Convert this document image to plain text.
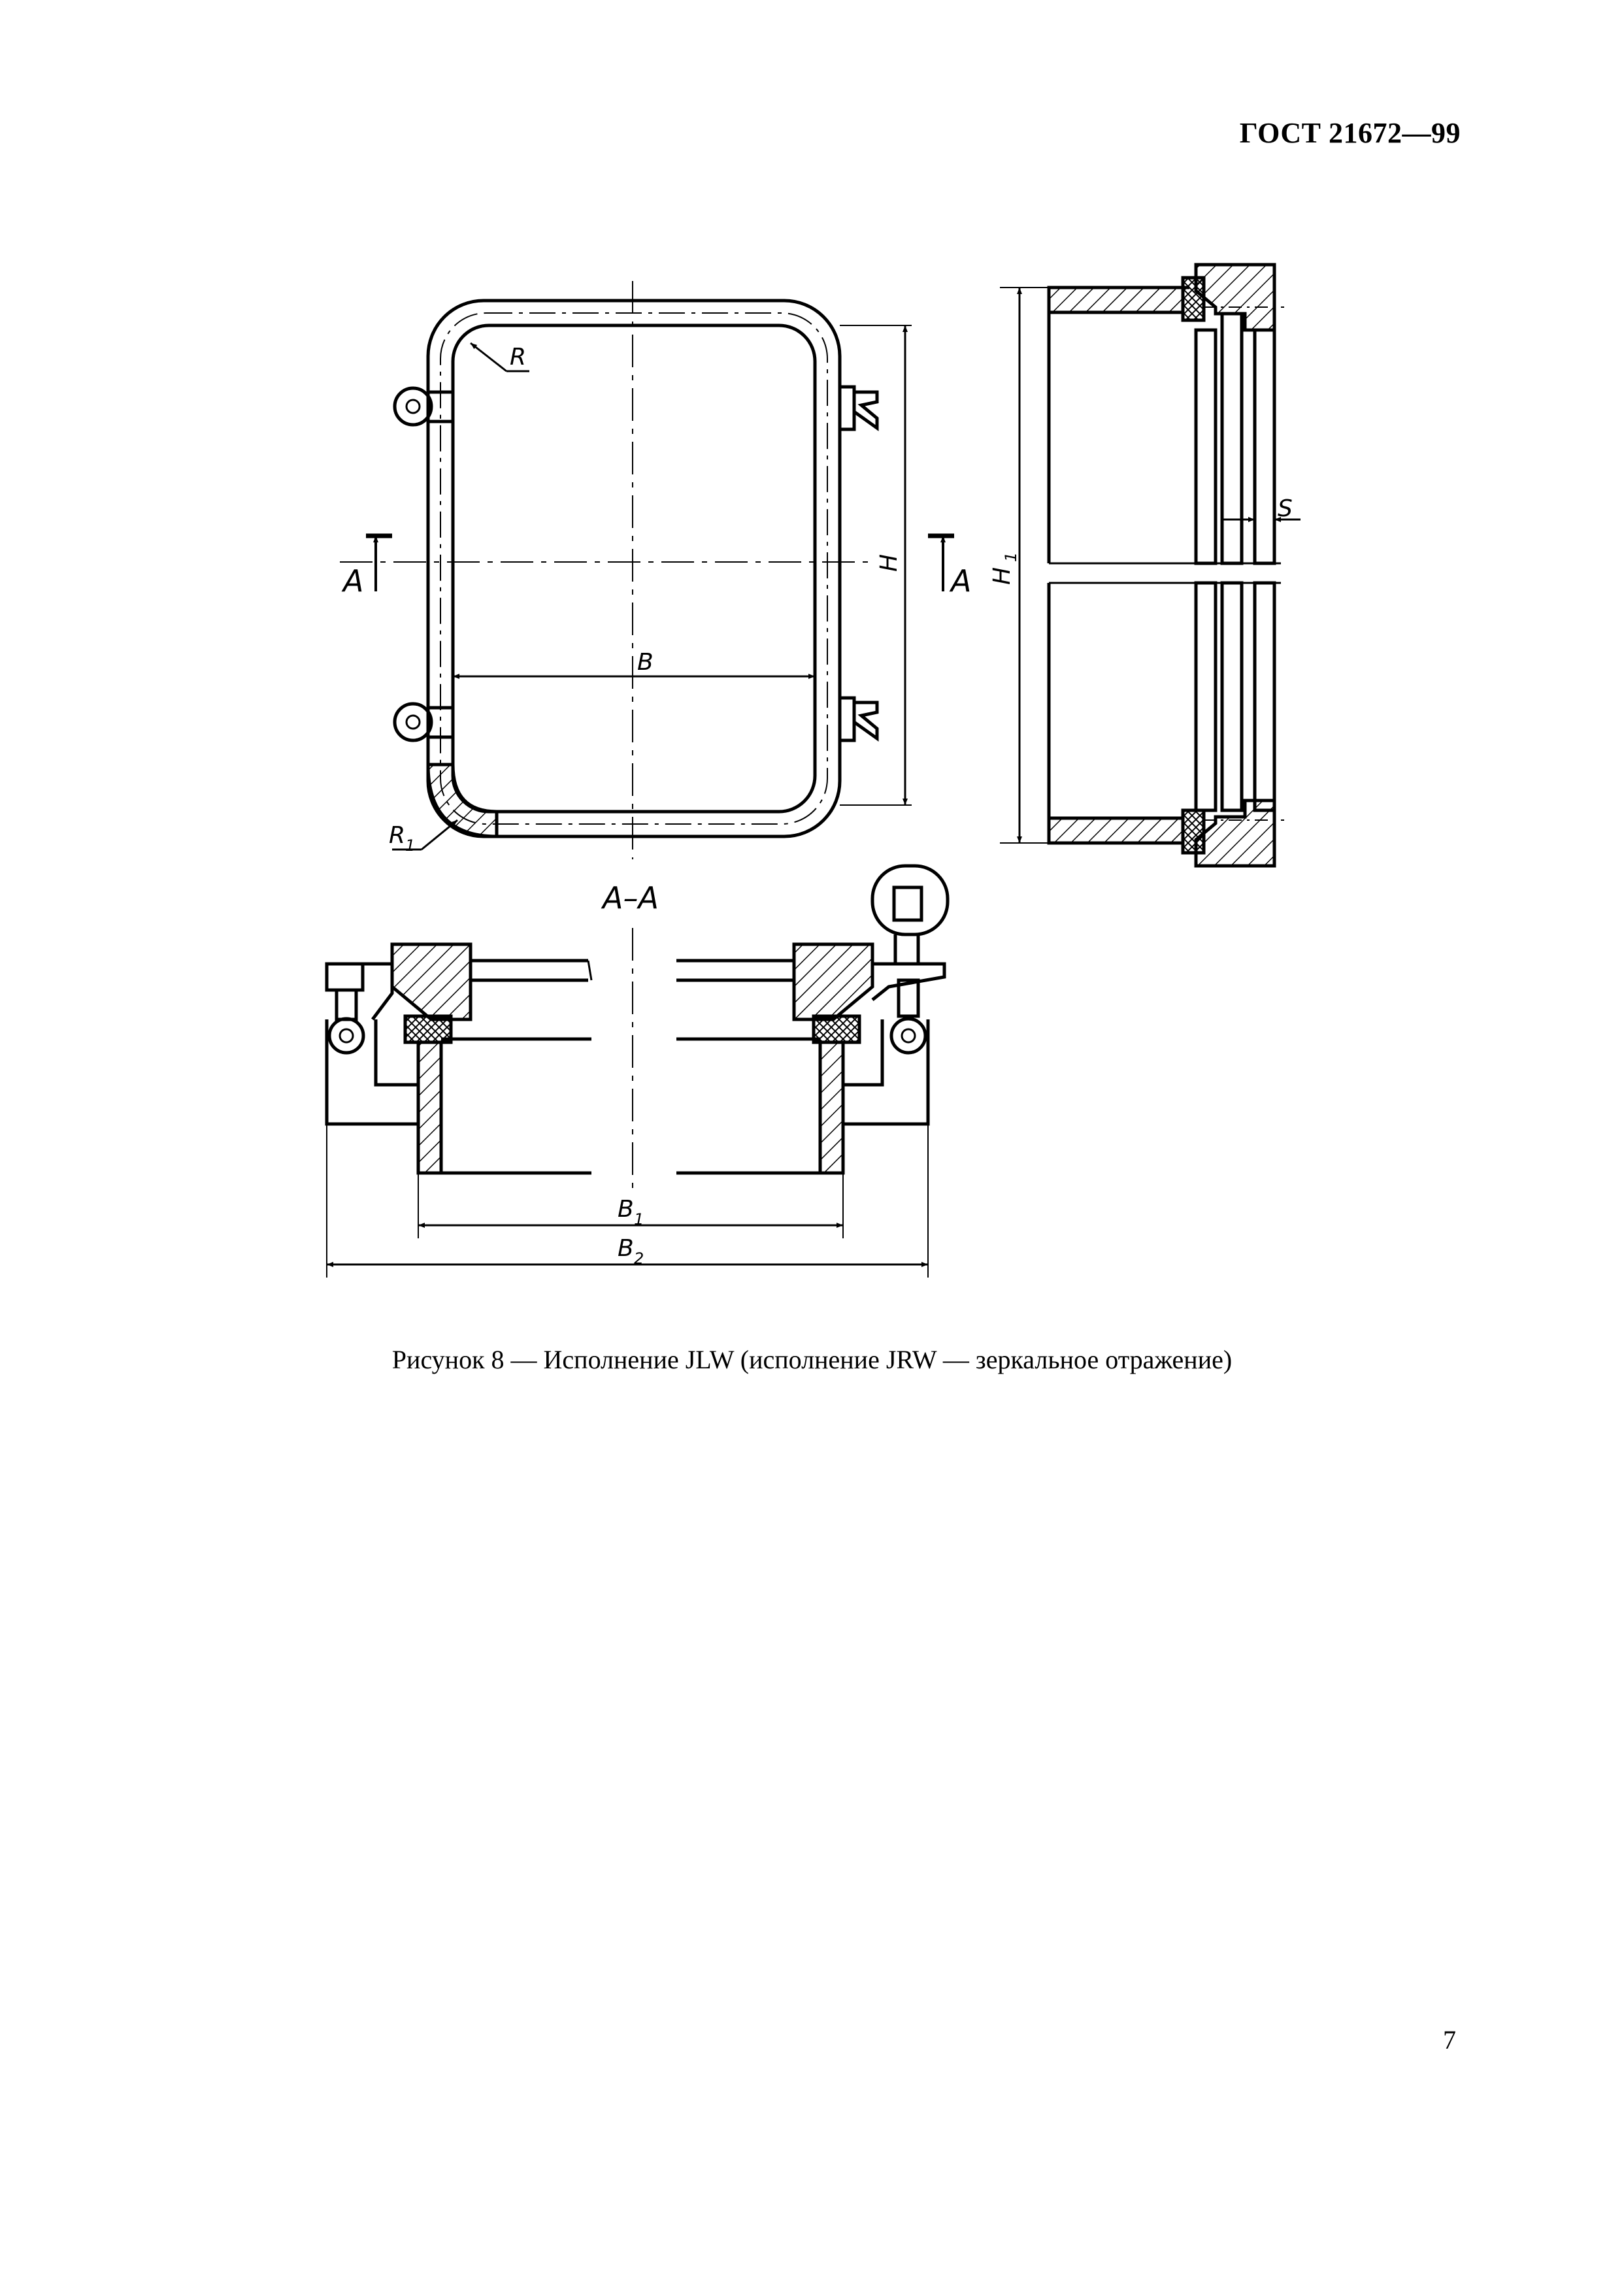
ГОСТ 21672—99
R
R 1
A	A
B
H
H
1
S
A–A
B 1
B 2
Рисунок 8 — Исполнение JLW (исполнение JRW — зеркальное отражение)
7
